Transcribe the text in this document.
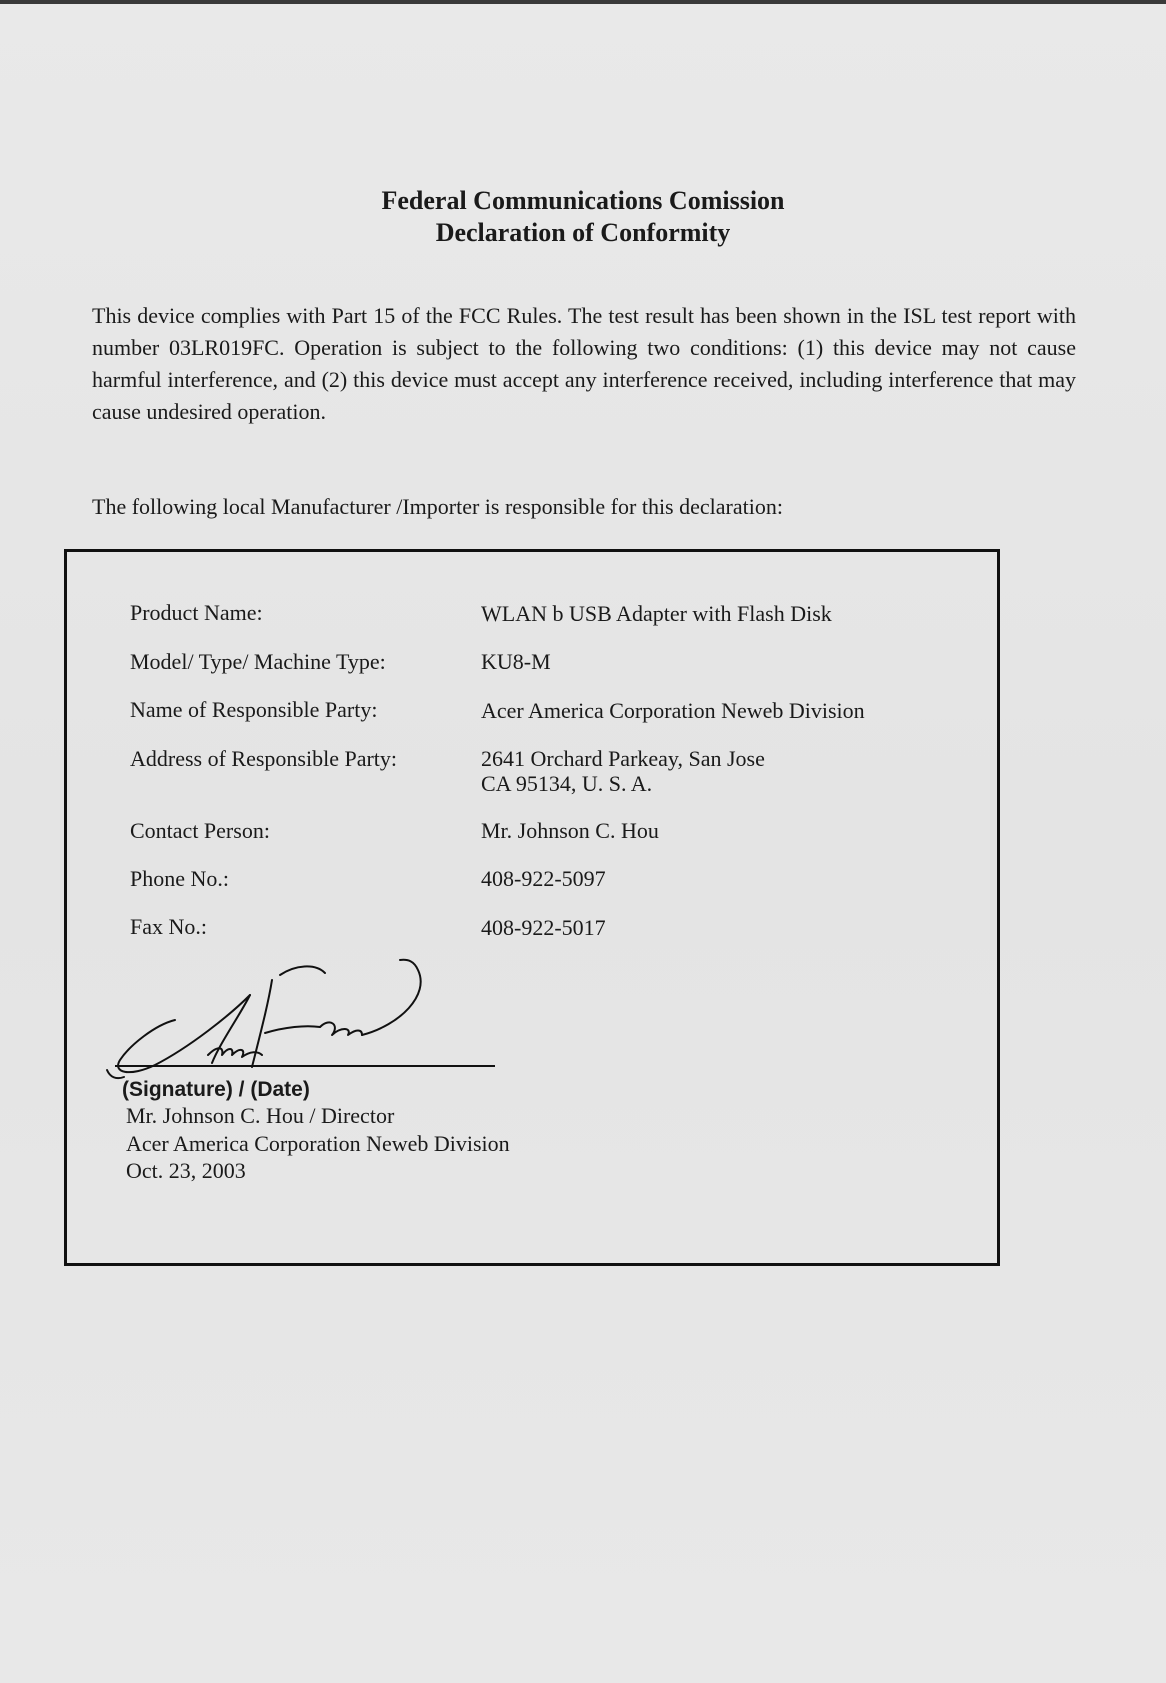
Federal Communications Comission
Declaration of Conformity

This device complies with Part 15 of the FCC Rules. The test result has been shown in the ISL test report with number 03LR019FC. Operation is subject to the following two conditions: (1) this device may not cause harmful interference, and (2) this device must accept any interference received, including interference that may cause undesired operation.

The following local Manufacturer /Importer is responsible for this declaration:

Product Name:	WLAN b USB Adapter with Flash Disk
Model/ Type/ Machine Type:	KU8-M
Name of Responsible Party:	Acer America Corporation Neweb Division
Address of Responsible Party:	2641 Orchard Parkeay, San Jose
CA 95134, U. S. A.
Contact Person:	Mr. Johnson C. Hou
Phone No.:	408-922-5097
Fax No.:	408-922-5017
(Signature) / (Date)
Mr. Johnson C. Hou / Director
Acer America Corporation Neweb Division
Oct. 23, 2003
